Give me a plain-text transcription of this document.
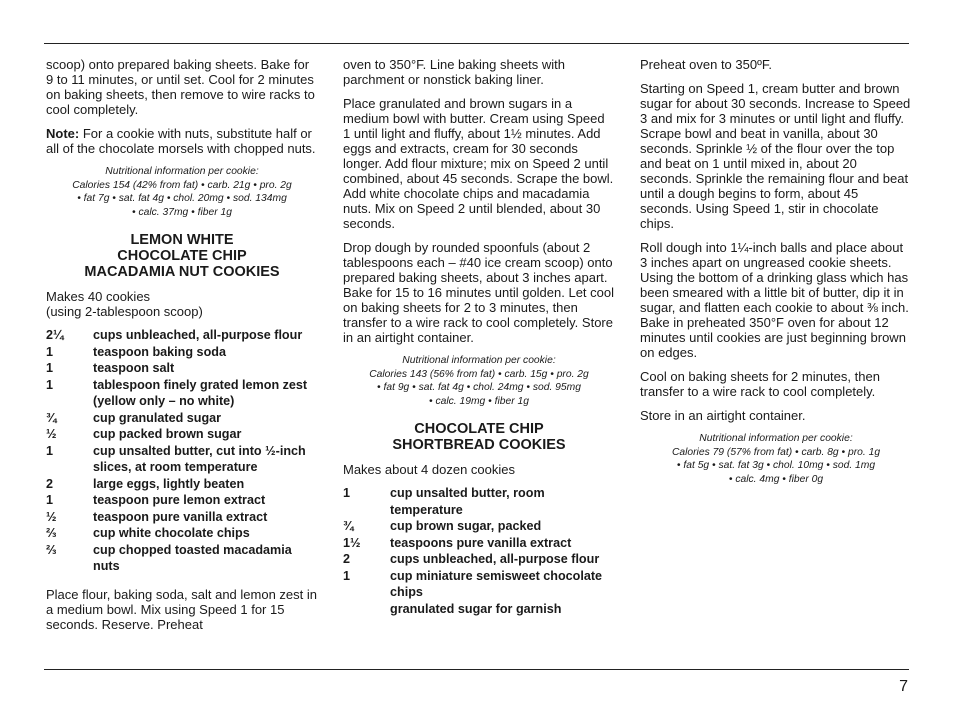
scoop) onto prepared baking sheets. Bake for 9 to 11 minutes, or until set. Cool for 2 minutes on baking sheets, then remove to wire racks to cool completely.

Note: For a cookie with nuts, substitute half or all of the chocolate morsels with chopped nuts.

Nutritional information per cookie:
Calories 154 (42% from fat) • carb. 21g • pro. 2g
• fat 7g • sat. fat 4g • chol. 20mg • sod. 134mg
• calc. 37mg • fiber 1g
LEMON WHITE
CHOCOLATE CHIP
MACADAMIA NUT COOKIES

Makes 40 cookies
(using 2-tablespoon scoop)

2¼	cups unbleached, all-purpose flour
1	teaspoon baking soda
1	teaspoon salt
1	tablespoon finely grated lemon zest (yellow only – no white)
¾	cup granulated sugar
½	cup packed brown sugar
1	cup unsalted butter, cut into ½-inch slices, at room temperature
2	large eggs, lightly beaten
1	teaspoon pure lemon extract
½	teaspoon pure vanilla extract
⅔	cup white chocolate chips
⅔	cup chopped toasted macadamia nuts

Place flour, baking soda, salt and lemon zest in a medium bowl. Mix using Speed 1 for 15 seconds. Reserve. Preheat

oven to 350°F. Line baking sheets with parchment or nonstick baking liner.

Place granulated and brown sugars in a medium bowl with butter. Cream using Speed 1 until light and fluffy, about 1½ minutes. Add eggs and extracts, cream for 30 seconds longer. Add flour mixture; mix on Speed 2 until combined, about 45 seconds. Scrape the bowl. Add white chocolate chips and macadamia nuts. Mix on Speed 2 until blended, about 30 seconds.

Drop dough by rounded spoonfuls (about 2 tablespoons each – #40 ice cream scoop) onto prepared baking sheets, about 3 inches apart. Bake for 15 to 16 minutes until golden. Let cool on baking sheets for 2 to 3 minutes, then transfer to a wire rack to cool completely. Store in an airtight container.

Nutritional information per cookie:
Calories 143 (56% from fat) • carb. 15g • pro. 2g
• fat 9g • sat. fat 4g • chol. 24mg • sod. 95mg
• calc. 19mg • fiber 1g
CHOCOLATE CHIP
SHORTBREAD COOKIES

Makes about 4 dozen cookies

1	cup unsalted butter, room temperature
¾	cup brown sugar, packed
1½	teaspoons pure vanilla extract
2	cups unbleached, all-purpose flour
1	cup miniature semisweet chocolate chips
	granulated sugar for garnish

Preheat oven to 350ºF.

Starting on Speed 1, cream butter and brown sugar for about 30 seconds. Increase to Speed 3 and mix for 3 minutes or until light and fluffy. Scrape bowl and beat in vanilla, about 30 seconds. Sprinkle ½ of the flour over the top and beat on 1 until mixed in, about 20 seconds. Sprinkle the remaining flour and beat until a dough begins to form, about 45 seconds. Using Speed 1, stir in chocolate chips.

Roll dough into 1¼-inch balls and place about 3 inches apart on ungreased cookie sheets. Using the bottom of a drinking glass which has been smeared with a little bit of butter, dip it in sugar, and flatten each cookie to about ⅜ inch. Bake in preheated 350°F oven for about 12 minutes until cookies are just beginning brown on edges.

Cool on baking sheets for 2 minutes, then transfer to a wire rack to cool completely.

Store in an airtight container.

Nutritional information per cookie:
Calories 79 (57% from fat) • carb. 8g • pro. 1g
• fat 5g • sat. fat 3g • chol. 10mg • sod. 1mg
• calc. 4mg • fiber 0g
7
